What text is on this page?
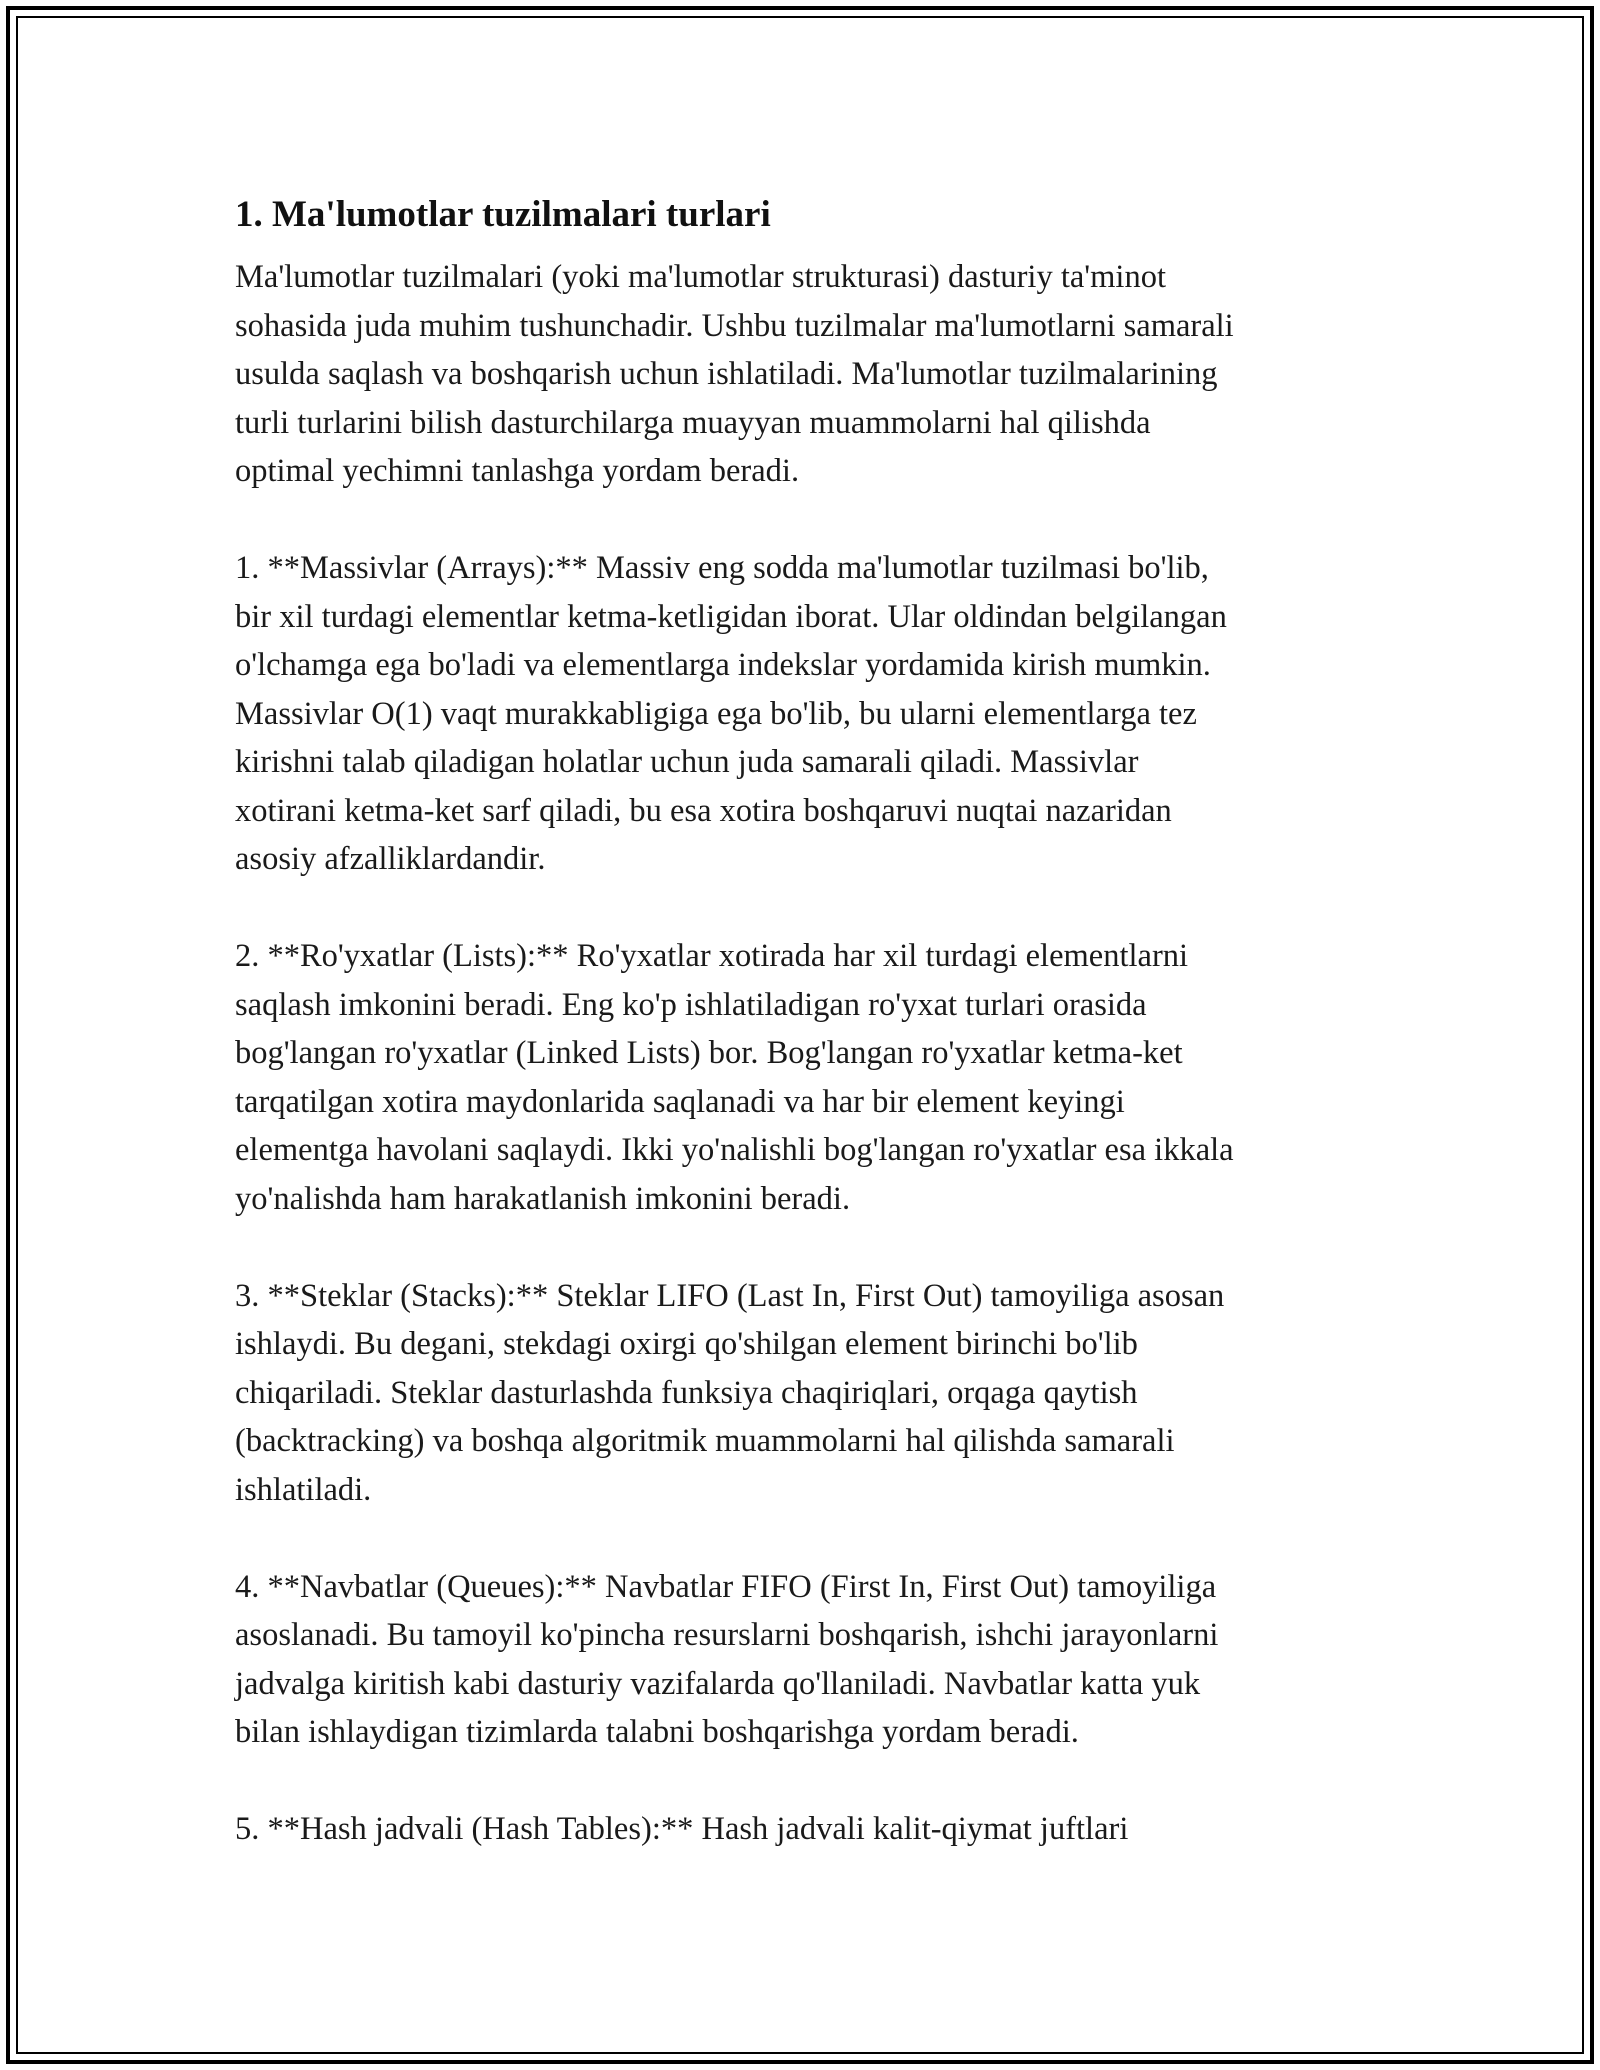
1. Ma'lumotlar tuzilmalari turlari

Ma'lumotlar tuzilmalari (yoki ma'lumotlar strukturasi) dasturiy ta'minot
sohasida juda muhim tushunchadir. Ushbu tuzilmalar ma'lumotlarni samarali
usulda saqlash va boshqarish uchun ishlatiladi. Ma'lumotlar tuzilmalarining
turli turlarini bilish dasturchilarga muayyan muammolarni hal qilishda
optimal yechimni tanlashga yordam beradi.

1. **Massivlar (Arrays):** Massiv eng sodda ma'lumotlar tuzilmasi bo'lib,
bir xil turdagi elementlar ketma-ketligidan iborat. Ular oldindan belgilangan
o'lchamga ega bo'ladi va elementlarga indekslar yordamida kirish mumkin.
Massivlar O(1) vaqt murakkabligiga ega bo'lib, bu ularni elementlarga tez
kirishni talab qiladigan holatlar uchun juda samarali qiladi. Massivlar
xotirani ketma-ket sarf qiladi, bu esa xotira boshqaruvi nuqtai nazaridan
asosiy afzalliklardandir.

2. **Ro'yxatlar (Lists):** Ro'yxatlar xotirada har xil turdagi elementlarni
saqlash imkonini beradi. Eng ko'p ishlatiladigan ro'yxat turlari orasida
bog'langan ro'yxatlar (Linked Lists) bor. Bog'langan ro'yxatlar ketma-ket
tarqatilgan xotira maydonlarida saqlanadi va har bir element keyingi
elementga havolani saqlaydi. Ikki yo'nalishli bog'langan ro'yxatlar esa ikkala
yo'nalishda ham harakatlanish imkonini beradi.

3. **Steklar (Stacks):** Steklar LIFO (Last In, First Out) tamoyiliga asosan
ishlaydi. Bu degani, stekdagi oxirgi qo'shilgan element birinchi bo'lib
chiqariladi. Steklar dasturlashda funksiya chaqiriqlari, orqaga qaytish
(backtracking) va boshqa algoritmik muammolarni hal qilishda samarali
ishlatiladi.

4. **Navbatlar (Queues):** Navbatlar FIFO (First In, First Out) tamoyiliga
asoslanadi. Bu tamoyil ko'pincha resurslarni boshqarish, ishchi jarayonlarni
jadvalga kiritish kabi dasturiy vazifalarda qo'llaniladi. Navbatlar katta yuk
bilan ishlaydigan tizimlarda talabni boshqarishga yordam beradi.

5. **Hash jadvali (Hash Tables):** Hash jadvali kalit-qiymat juftlari
